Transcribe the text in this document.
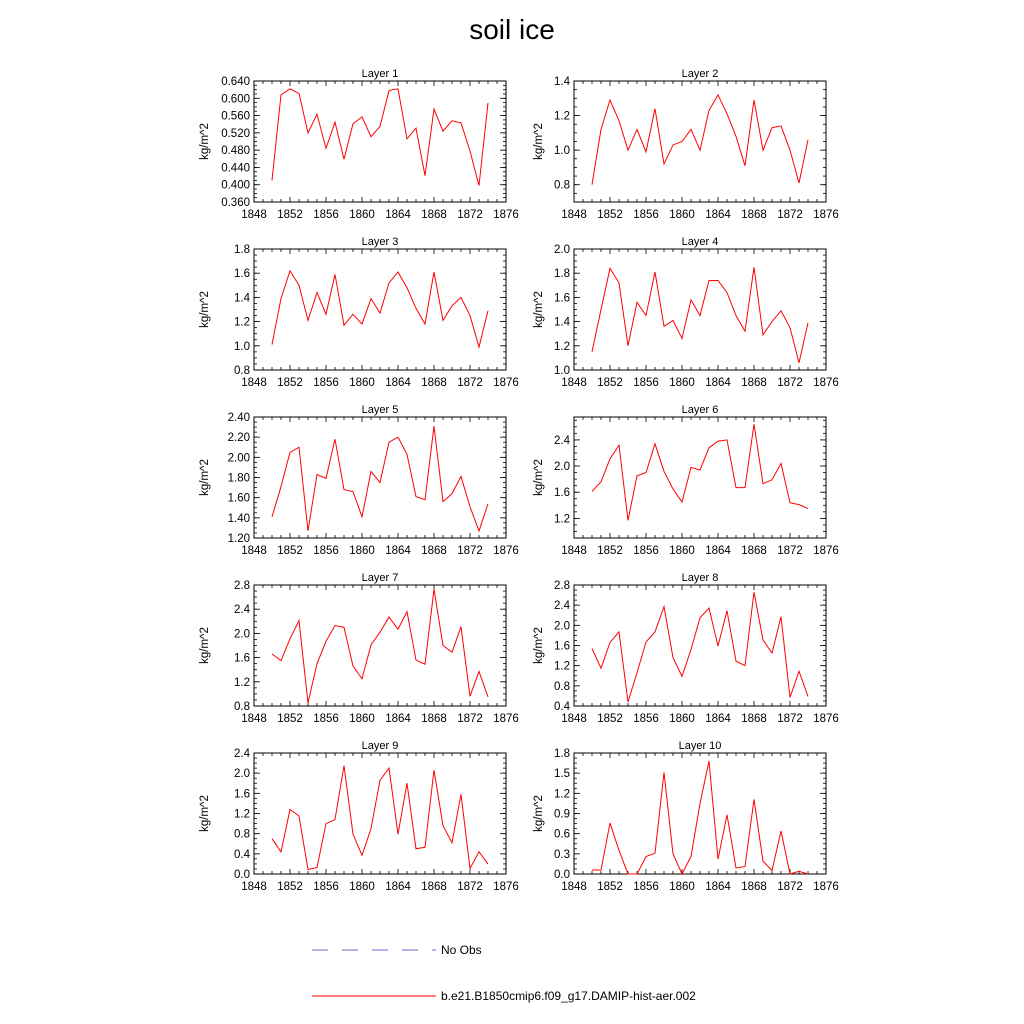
soil ice
Layer 1
1848 1852 1856 1860 1864 1868 1872 1876
0.360
0.400
0.440
0.480
0.520
0.560
0.600
0.640
kg/m^2
Layer 2
1848 1852 1856 1860 1864 1868 1872 1876
0.8
1.0
1.2
1.4
kg/m^2
Layer 3
1848 1852 1856 1860 1864 1868 1872 1876
0.8
1.0
1.2
1.4
1.6
1.8
kg/m^2
Layer 4
1848 1852 1856 1860 1864 1868 1872 1876
1.0
1.2
1.4
1.6
1.8
2.0
kg/m^2
Layer 5
1848 1852 1856 1860 1864 1868 1872 1876
1.20
1.40
1.60
1.80
2.00
2.20
2.40
kg/m^2
Layer 6
1848 1852 1856 1860 1864 1868 1872 1876
1.2
1.6
2.0
2.4
kg/m^2
Layer 7
1848 1852 1856 1860 1864 1868 1872 1876
0.8
1.2
1.6
2.0
2.4
2.8
kg/m^2
Layer 8
1848 1852 1856 1860 1864 1868 1872 1876
0.4
0.8
1.2
1.6
2.0
2.4
2.8
kg/m^2
Layer 9
1848 1852 1856 1860 1864 1868 1872 1876
0.0
0.4
0.8
1.2
1.6
2.0
2.4
kg/m^2
Layer 10
1848 1852 1856 1860 1864 1868 1872 1876
0.0
0.3
0.6
0.9
1.2
1.5
1.8
kg/m^2
No Obs
b.e21.B1850cmip6.f09_g17.DAMIP-hist-aer.002
